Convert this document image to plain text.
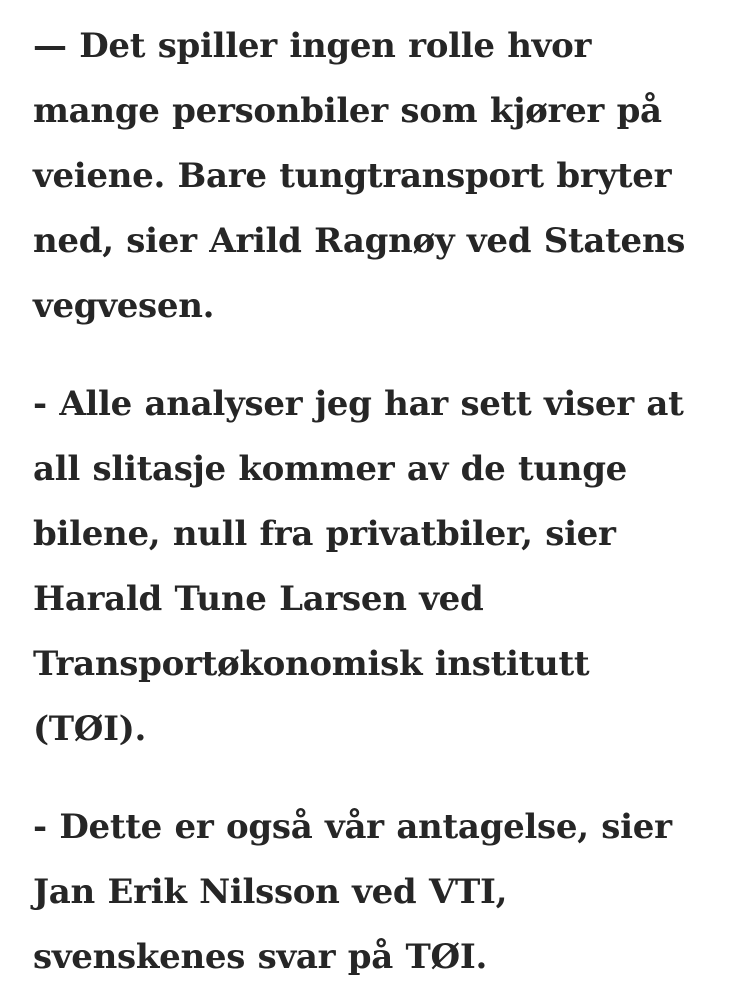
— Det spiller ingen rolle hvor
mange personbiler som kjører på
veiene. Bare tungtransport bryter
ned, sier Arild Ragnøy ved Statens
vegvesen.

- Alle analyser jeg har sett viser at
all slitasje kommer av de tunge
bilene, null fra privatbiler, sier
Harald Tune Larsen ved
Transportøkonomisk institutt
(TØI).

- Dette er også vår antagelse, sier
Jan Erik Nilsson ved VTI,
svenskenes svar på TØI.
